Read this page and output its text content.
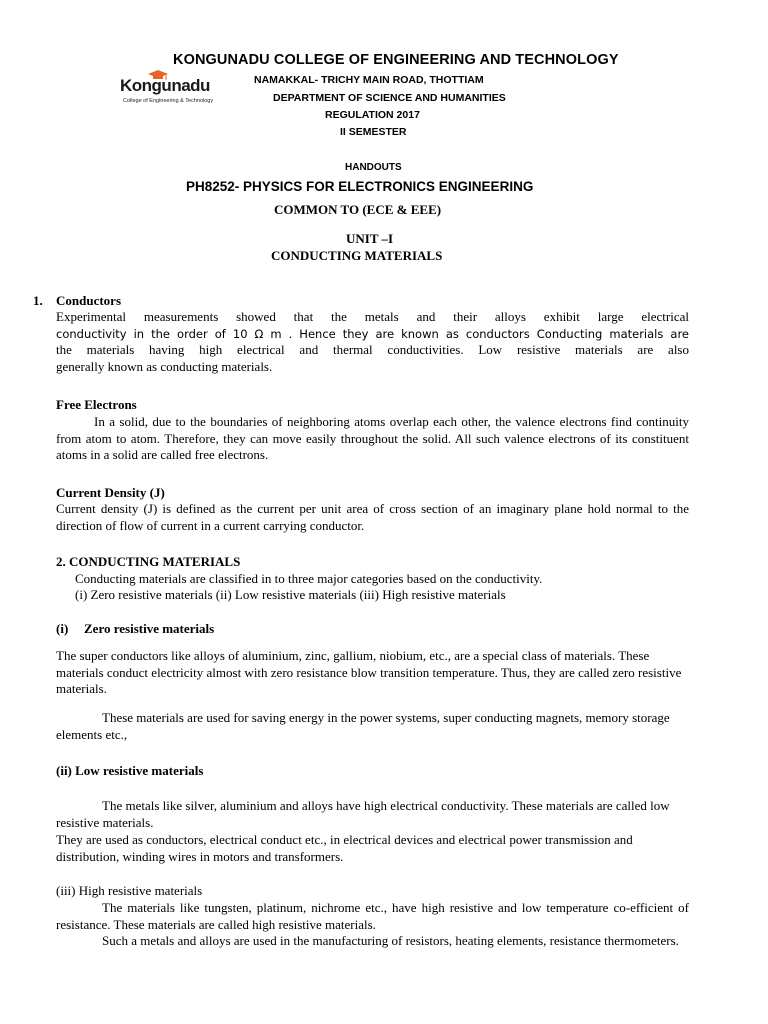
KONGUNADU COLLEGE OF ENGINEERING AND TECHNOLOGY
Kongunadu
College of Engineering & Technology
NAMAKKAL- TRICHY MAIN ROAD, THOTTIAM
DEPARTMENT OF SCIENCE AND HUMANITIES
REGULATION 2017
II SEMESTER
HANDOUTS
PH8252- PHYSICS FOR ELECTRONICS ENGINEERING
COMMON TO (ECE & EEE)
UNIT –I
CONDUCTING MATERIALS
1. Conductors
Experimental measurements showed that the metals and their alloys exhibit large electrical
conductivity in the order of 10 Ω m . Hence they are known as conductors Conducting materials are
the materials having high electrical and thermal conductivities. Low resistive materials are also
generally known as conducting materials.
Free Electrons

In a solid, due to the boundaries of neighboring atoms overlap each other, the valence electrons find continuity from atom to atom. Therefore, they can move easily throughout the solid. All such valence electrons of its constituent atoms in a solid are called free electrons.

Current Density (J)

Current density (J) is defined as the current per unit area of cross section of an imaginary plane hold normal to the direction of flow of current in a current carrying conductor.

2. CONDUCTING MATERIALS
Conducting materials are classified in to three major categories based on the conductivity.
(i) Zero resistive materials (ii) Low resistive materials (iii) High resistive materials
(i) Zero resistive materials

The super conductors like alloys of aluminium, zinc, gallium, niobium, etc., are a special class of materials. These materials conduct electricity almost with zero resistance blow transition temperature. Thus, they are called zero resistive materials.

These materials are used for saving energy in the power systems, super conducting magnets, memory storage elements etc.,

(ii) Low resistive materials

The metals like silver, aluminium and alloys have high electrical conductivity. These materials are called low resistive materials.

They are used as conductors, electrical conduct etc., in electrical devices and electrical power transmission and distribution, winding wires in motors and transformers.

(iii) High resistive materials

The materials like tungsten, platinum, nichrome etc., have high resistive and low temperature co-efficient of resistance. These materials are called high resistive materials.

Such a metals and alloys are used in the manufacturing of resistors, heating elements, resistance thermometers.
